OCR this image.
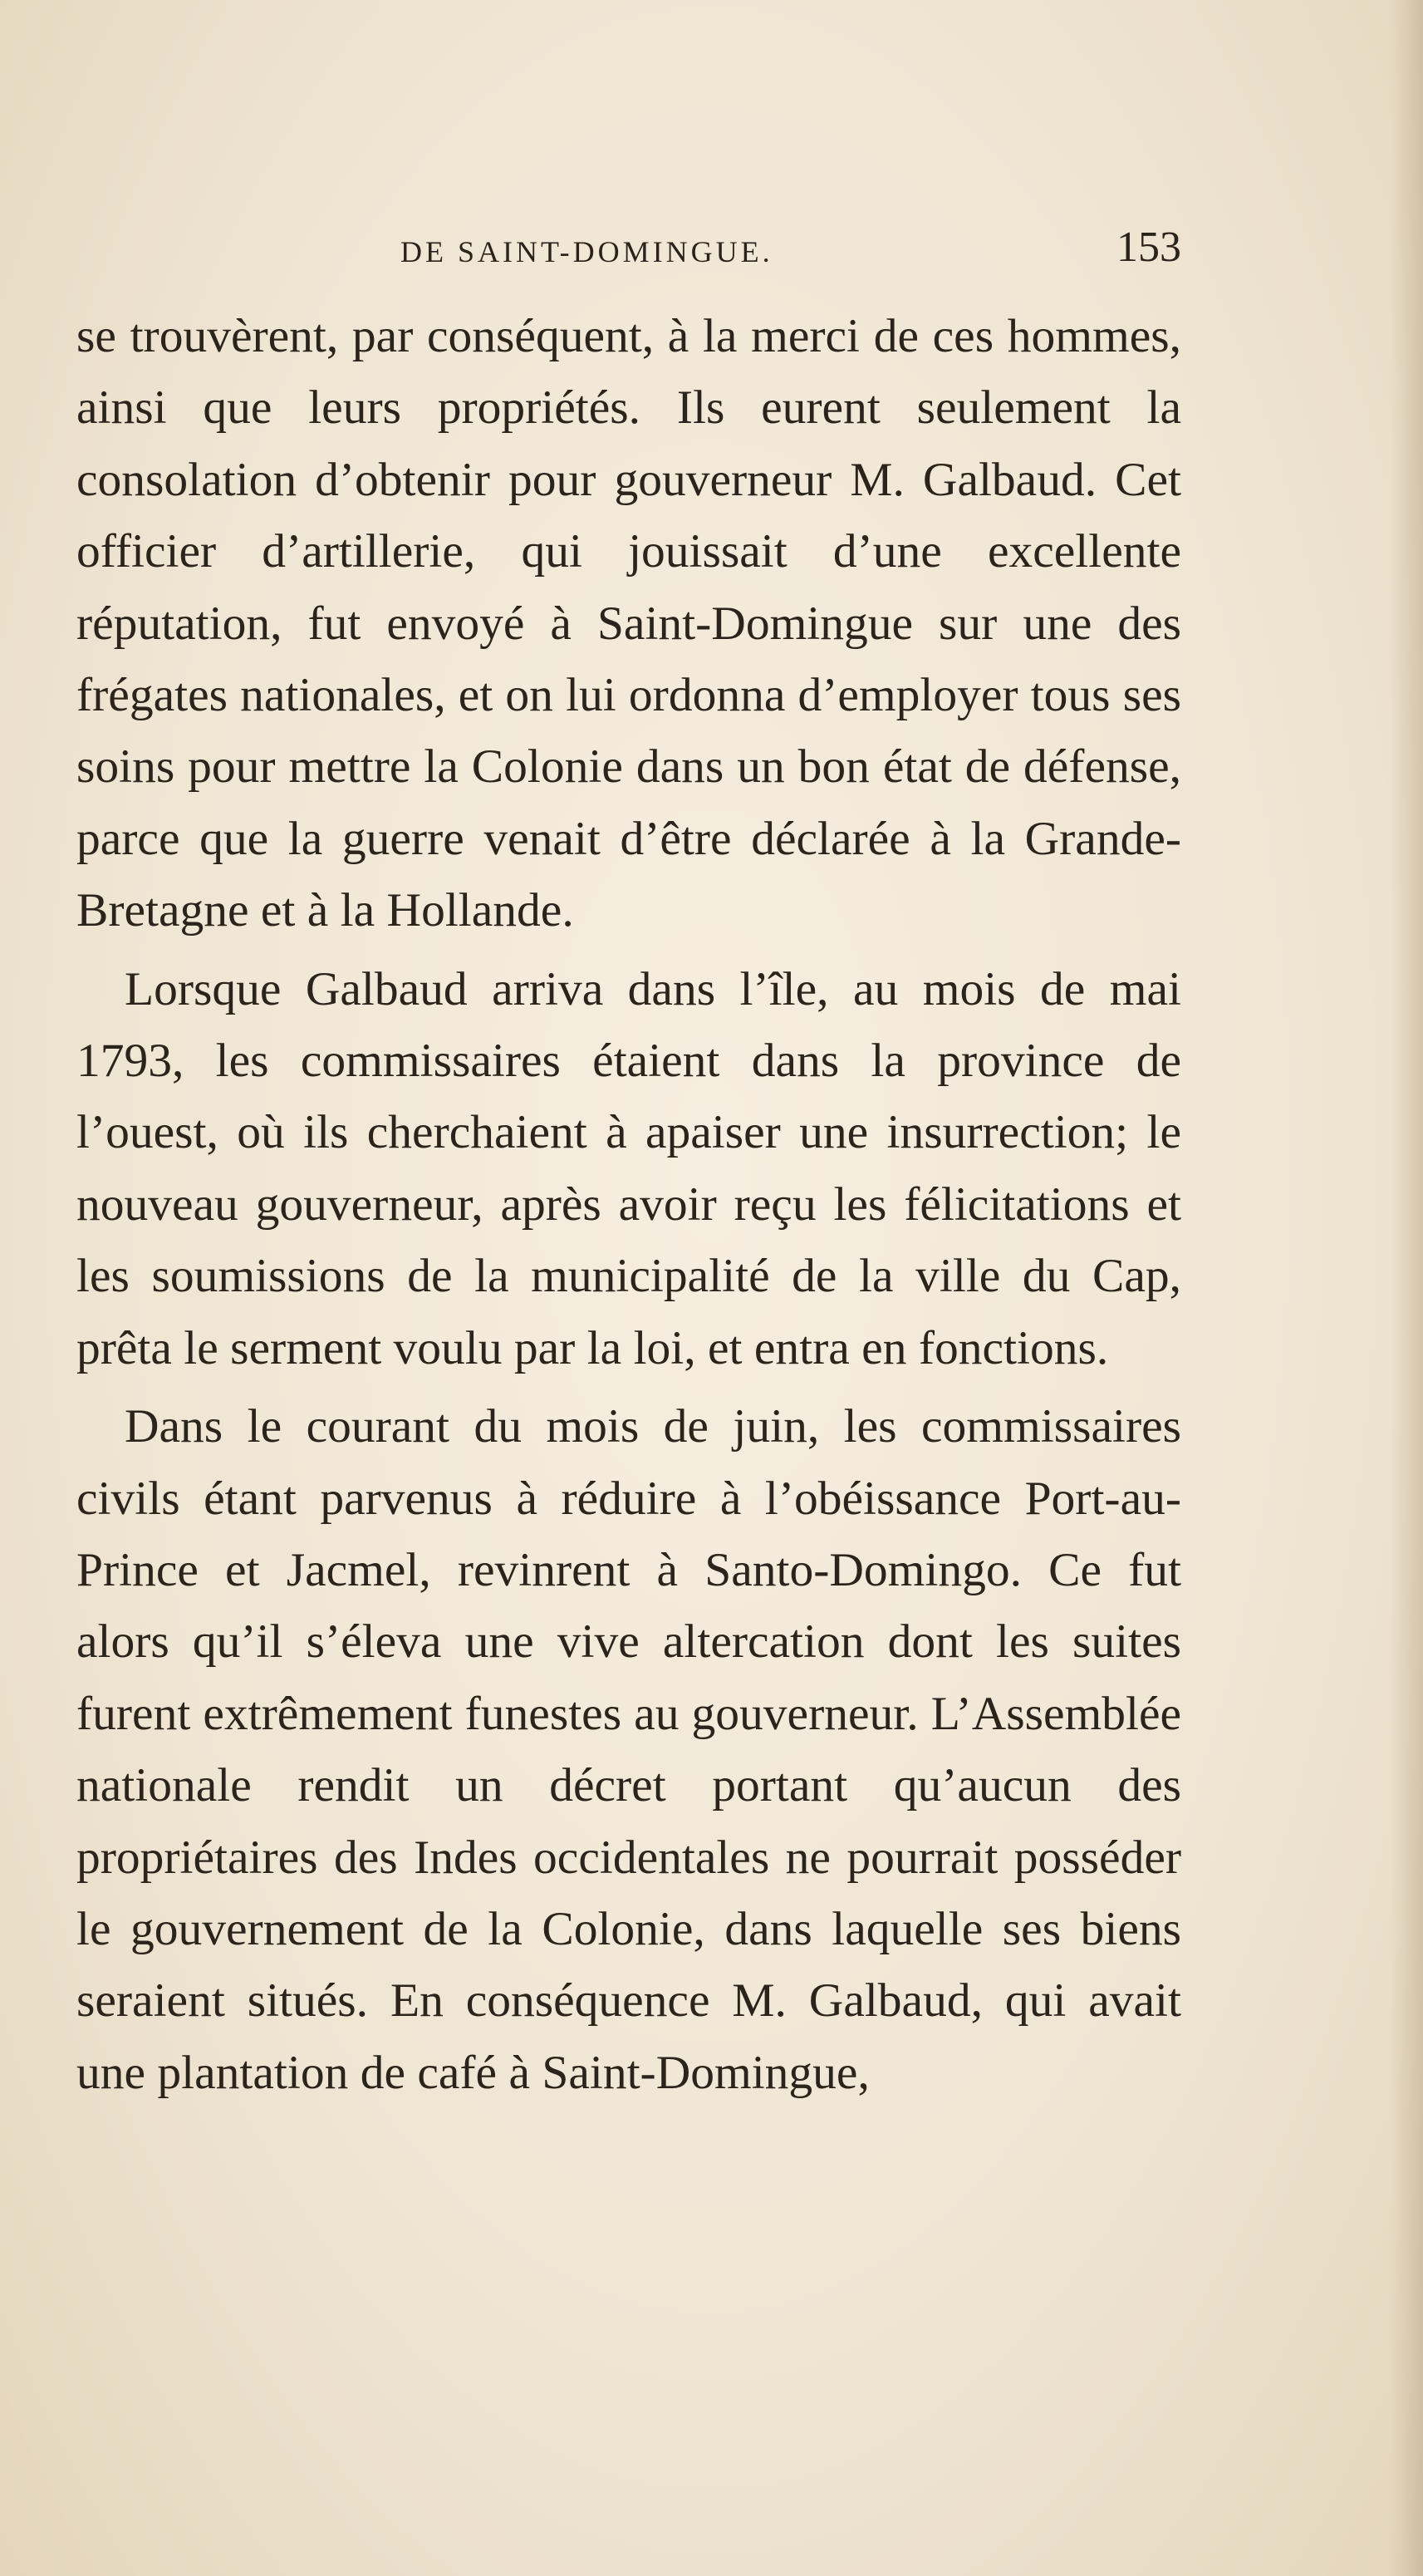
DE SAINT-DOMINGUE.	153

se trouvèrent, par conséquent, à la merci de ces hommes, ainsi que leurs propriétés. Ils eurent seulement la consolation d’obtenir pour gouverneur M. Galbaud. Cet officier d’artillerie, qui jouissait d’une excellente réputation, fut envoyé à Saint-Domingue sur une des frégates nationales, et on lui ordonna d’employer tous ses soins pour mettre la Colonie dans un bon état de défense, parce que la guerre venait d’être déclarée à la Grande-Bretagne et à la Hollande.

Lorsque Galbaud arriva dans l’île, au mois de mai 1793, les commissaires étaient dans la province de l’ouest, où ils cherchaient à apaiser une insurrection; le nouveau gouverneur, après avoir reçu les félicitations et les soumissions de la municipalité de la ville du Cap, prêta le serment voulu par la loi, et entra en fonctions.

Dans le courant du mois de juin, les commissaires civils étant parvenus à réduire à l’obéissance Port-au-Prince et Jacmel, revinrent à Santo-Domingo. Ce fut alors qu’il s’éleva une vive altercation dont les suites furent extrêmement funestes au gouverneur. L’Assemblée nationale rendit un décret portant qu’aucun des propriétaires des Indes occidentales ne pourrait posséder le gouvernement de la Colonie, dans laquelle ses biens seraient situés. En conséquence M. Galbaud, qui avait une plantation de café à Saint-Domingue,
